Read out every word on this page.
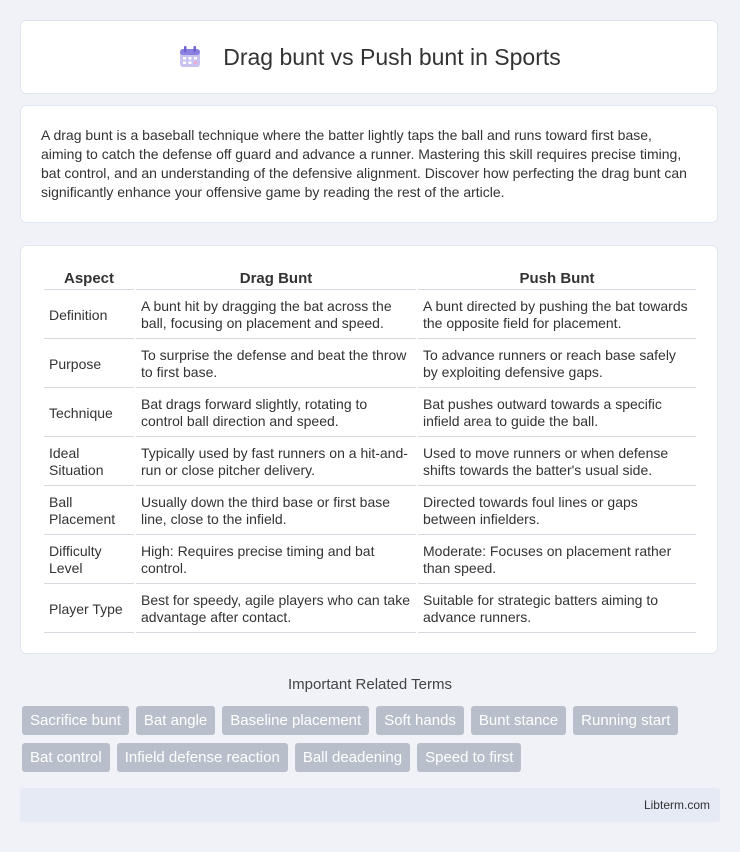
Drag bunt vs Push bunt in Sports

A drag bunt is a baseball technique where the batter lightly taps the ball and runs toward first base, aiming to catch the defense off guard and advance a runner. Mastering this skill requires precise timing, bat control, and an understanding of the defensive alignment. Discover how perfecting the drag bunt can significantly enhance your offensive game by reading the rest of the article.

Aspect	Drag Bunt	Push Bunt
Definition	A bunt hit by dragging the bat across the ball, focusing on placement and speed.	A bunt directed by pushing the bat towards the opposite field for placement.
Purpose	To surprise the defense and beat the throw to first base.	To advance runners or reach base safely by exploiting defensive gaps.
Technique	Bat drags forward slightly, rotating to control ball direction and speed.	Bat pushes outward towards a specific infield area to guide the ball.
Ideal Situation	Typically used by fast runners on a hit-and-run or close pitcher delivery.	Used to move runners or when defense shifts towards the batter's usual side.
Ball Placement	Usually down the third base or first base line, close to the infield.	Directed towards foul lines or gaps between infielders.
Difficulty Level	High: Requires precise timing and bat control.	Moderate: Focuses on placement rather than speed.
Player Type	Best for speedy, agile players who can take advantage after contact.	Suitable for strategic batters aiming to advance runners.
Important Related Terms
Sacrifice bunt	Bat angle	Baseline placement	Soft hands	Bunt stance	Running start
Bat control	Infield defense reaction	Ball deadening	Speed to first
Libterm.com
